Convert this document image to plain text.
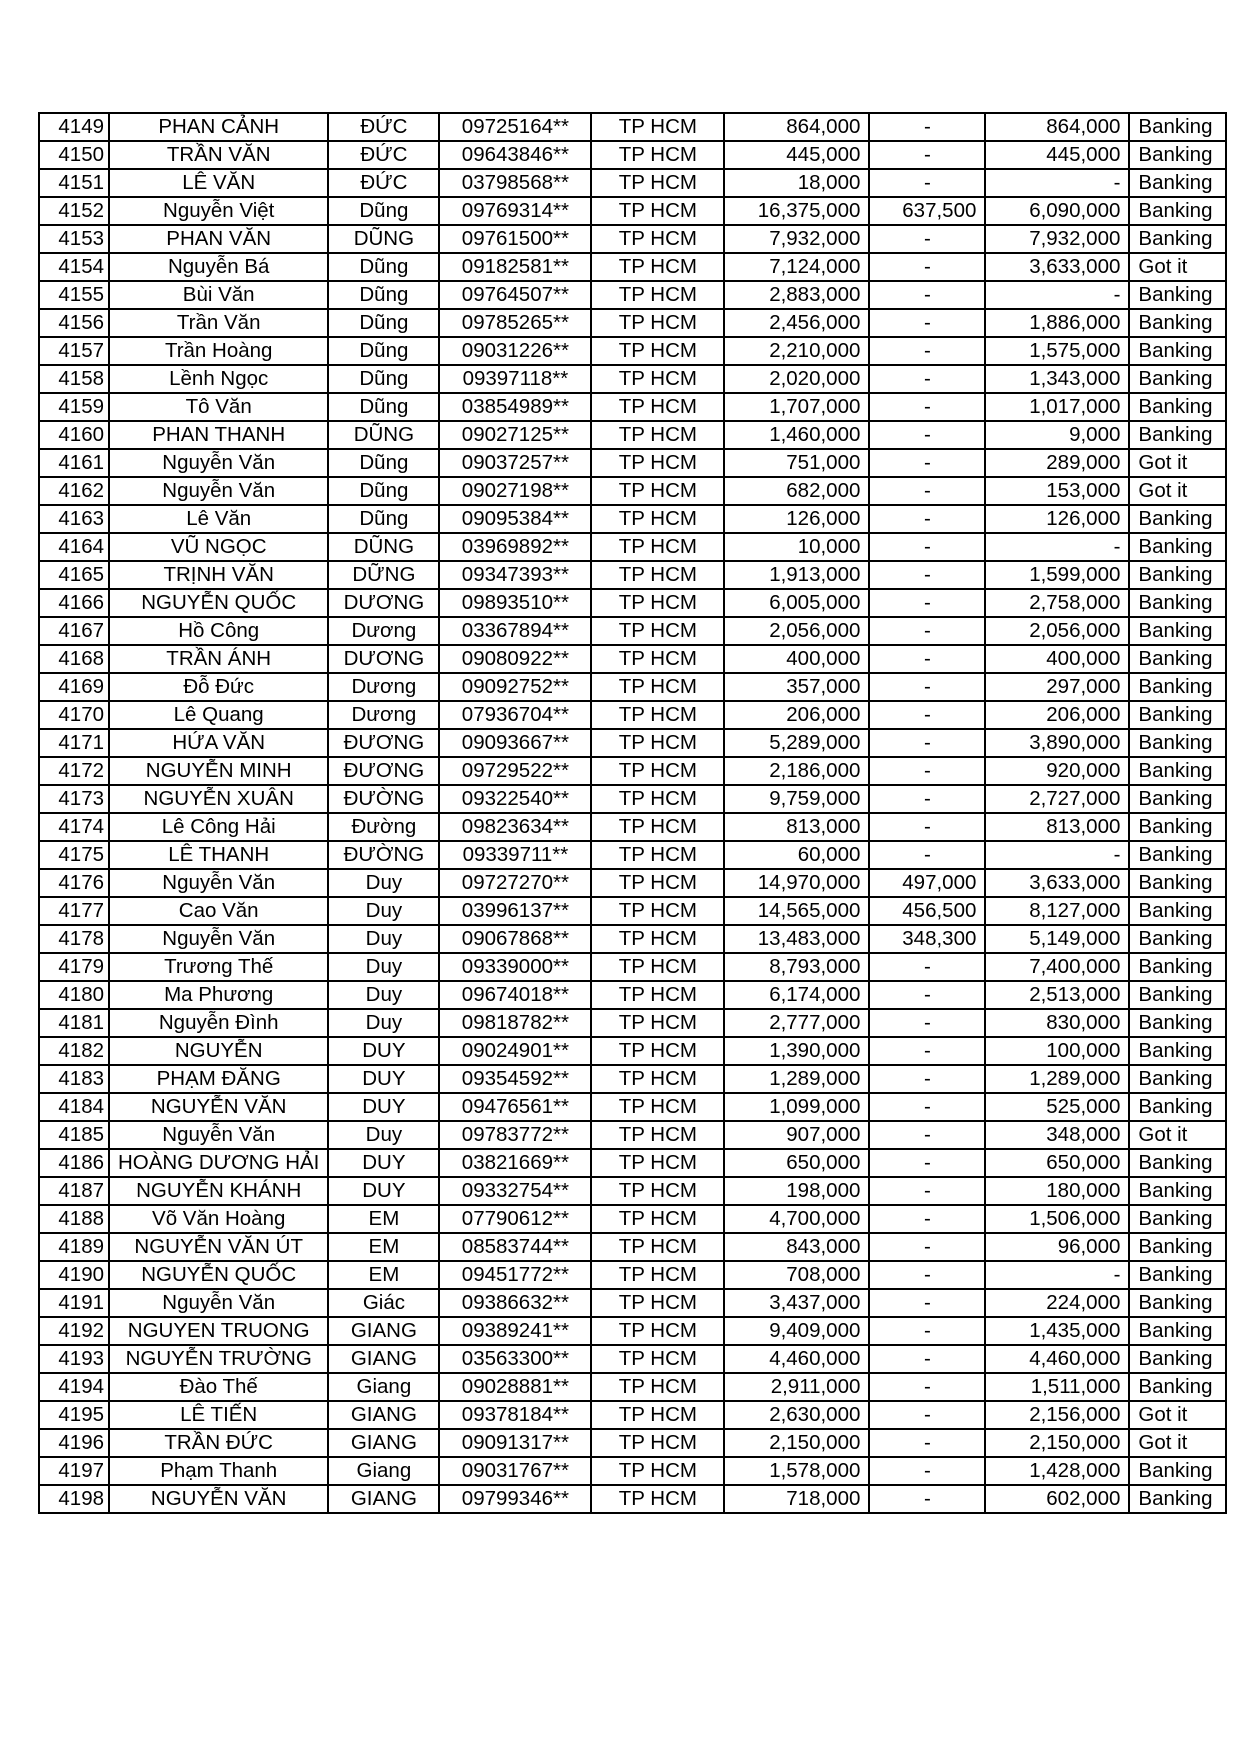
4149	PHAN CẢNH	ĐỨC	09725164**	TP HCM	864,000	-	864,000	Banking
4150	TRẦN VĂN	ĐỨC	09643846**	TP HCM	445,000	-	445,000	Banking
4151	LÊ VĂN	ĐỨC	03798568**	TP HCM	18,000	-	-	Banking
4152	Nguyễn Việt	Dũng	09769314**	TP HCM	16,375,000	637,500	6,090,000	Banking
4153	PHAN VĂN	DŨNG	09761500**	TP HCM	7,932,000	-	7,932,000	Banking
4154	Nguyễn Bá	Dũng	09182581**	TP HCM	7,124,000	-	3,633,000	Got it
4155	Bùi Văn	Dũng	09764507**	TP HCM	2,883,000	-	-	Banking
4156	Trần Văn	Dũng	09785265**	TP HCM	2,456,000	-	1,886,000	Banking
4157	Trần Hoàng	Dũng	09031226**	TP HCM	2,210,000	-	1,575,000	Banking
4158	Lềnh Ngọc	Dũng	09397118**	TP HCM	2,020,000	-	1,343,000	Banking
4159	Tô Văn	Dũng	03854989**	TP HCM	1,707,000	-	1,017,000	Banking
4160	PHAN THANH	DŨNG	09027125**	TP HCM	1,460,000	-	9,000	Banking
4161	Nguyễn Văn	Dũng	09037257**	TP HCM	751,000	-	289,000	Got it
4162	Nguyễn Văn	Dũng	09027198**	TP HCM	682,000	-	153,000	Got it
4163	Lê Văn	Dũng	09095384**	TP HCM	126,000	-	126,000	Banking
4164	VŨ NGỌC	DŨNG	03969892**	TP HCM	10,000	-	-	Banking
4165	TRỊNH VĂN	DỮNG	09347393**	TP HCM	1,913,000	-	1,599,000	Banking
4166	NGUYỄN QUỐC	DƯƠNG	09893510**	TP HCM	6,005,000	-	2,758,000	Banking
4167	Hồ Công	Dương	03367894**	TP HCM	2,056,000	-	2,056,000	Banking
4168	TRẦN ÁNH	DƯƠNG	09080922**	TP HCM	400,000	-	400,000	Banking
4169	Đỗ Đức	Dương	09092752**	TP HCM	357,000	-	297,000	Banking
4170	Lê Quang	Dương	07936704**	TP HCM	206,000	-	206,000	Banking
4171	HỨA VĂN	ĐƯƠNG	09093667**	TP HCM	5,289,000	-	3,890,000	Banking
4172	NGUYỄN MINH	ĐƯƠNG	09729522**	TP HCM	2,186,000	-	920,000	Banking
4173	NGUYỄN XUÂN	ĐƯỜNG	09322540**	TP HCM	9,759,000	-	2,727,000	Banking
4174	Lê Công Hải	Đường	09823634**	TP HCM	813,000	-	813,000	Banking
4175	LÊ THANH	ĐƯỜNG	09339711**	TP HCM	60,000	-	-	Banking
4176	Nguyễn Văn	Duy	09727270**	TP HCM	14,970,000	497,000	3,633,000	Banking
4177	Cao Văn	Duy	03996137**	TP HCM	14,565,000	456,500	8,127,000	Banking
4178	Nguyễn Văn	Duy	09067868**	TP HCM	13,483,000	348,300	5,149,000	Banking
4179	Trương Thế	Duy	09339000**	TP HCM	8,793,000	-	7,400,000	Banking
4180	Ma Phương	Duy	09674018**	TP HCM	6,174,000	-	2,513,000	Banking
4181	Nguyễn Đình	Duy	09818782**	TP HCM	2,777,000	-	830,000	Banking
4182	NGUYỄN	DUY	09024901**	TP HCM	1,390,000	-	100,000	Banking
4183	PHẠM ĐĂNG	DUY	09354592**	TP HCM	1,289,000	-	1,289,000	Banking
4184	NGUYỄN VĂN	DUY	09476561**	TP HCM	1,099,000	-	525,000	Banking
4185	Nguyễn Văn	Duy	09783772**	TP HCM	907,000	-	348,000	Got it
4186	HOÀNG DƯƠNG HẢI	DUY	03821669**	TP HCM	650,000	-	650,000	Banking
4187	NGUYỄN KHÁNH	DUY	09332754**	TP HCM	198,000	-	180,000	Banking
4188	Võ Văn Hoàng	EM	07790612**	TP HCM	4,700,000	-	1,506,000	Banking
4189	NGUYỄN VĂN ÚT	EM	08583744**	TP HCM	843,000	-	96,000	Banking
4190	NGUYỄN QUỐC	EM	09451772**	TP HCM	708,000	-	-	Banking
4191	Nguyễn Văn	Giác	09386632**	TP HCM	3,437,000	-	224,000	Banking
4192	NGUYEN TRUONG	GIANG	09389241**	TP HCM	9,409,000	-	1,435,000	Banking
4193	NGUYỄN TRƯỜNG	GIANG	03563300**	TP HCM	4,460,000	-	4,460,000	Banking
4194	Đào Thế	Giang	09028881**	TP HCM	2,911,000	-	1,511,000	Banking
4195	LÊ TIẾN	GIANG	09378184**	TP HCM	2,630,000	-	2,156,000	Got it
4196	TRẦN ĐỨC	GIANG	09091317**	TP HCM	2,150,000	-	2,150,000	Got it
4197	Phạm Thanh	Giang	09031767**	TP HCM	1,578,000	-	1,428,000	Banking
4198	NGUYỄN VĂN	GIANG	09799346**	TP HCM	718,000	-	602,000	Banking
